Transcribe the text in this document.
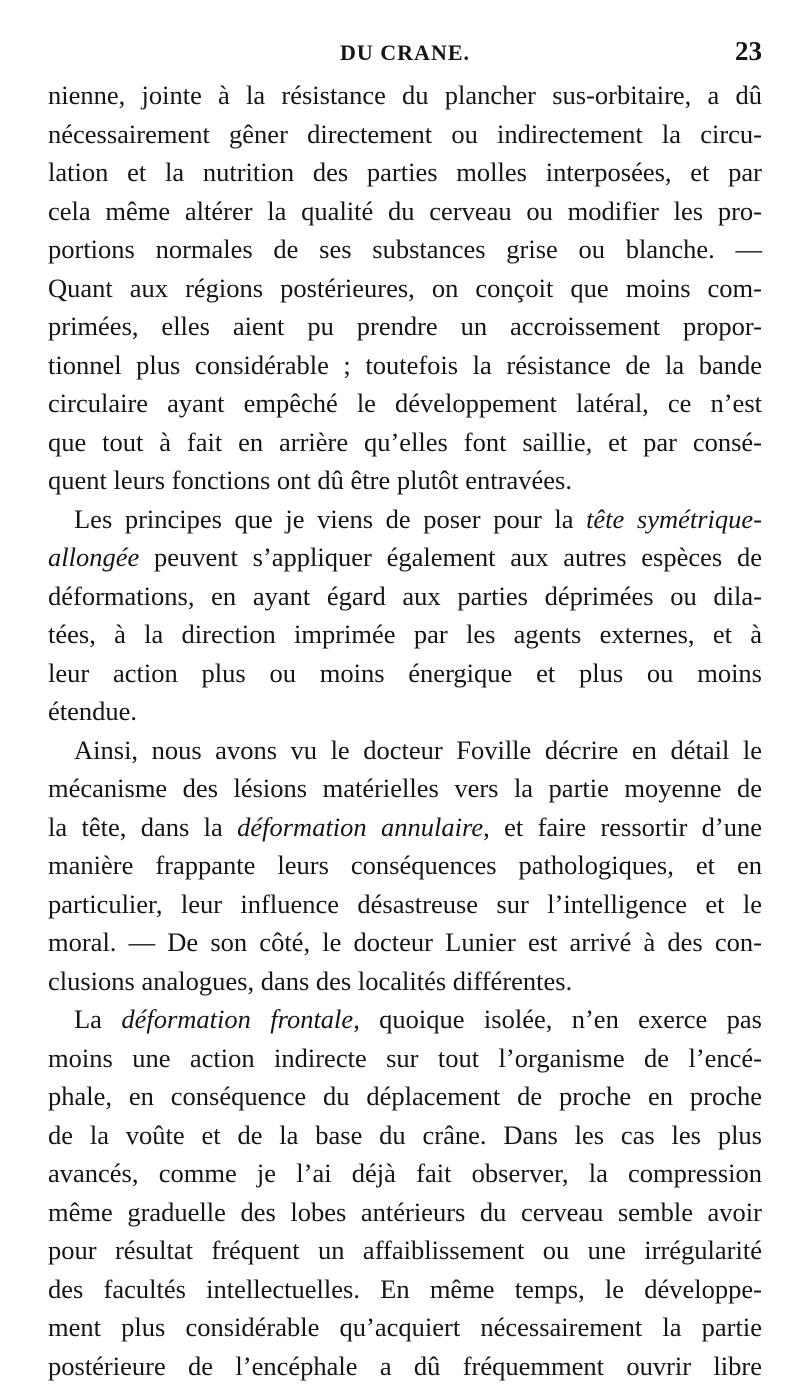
DU CRANE.	23
nienne, jointe à la résistance du plancher sus-orbitaire, a dû
nécessairement gêner directement ou indirectement la circu-
lation et la nutrition des parties molles interposées, et par
cela même altérer la qualité du cerveau ou modifier les pro-
portions normales de ses substances grise ou blanche. —
Quant aux régions postérieures, on conçoit que moins com-
primées, elles aient pu prendre un accroissement propor-
tionnel plus considérable ; toutefois la résistance de la bande
circulaire ayant empêché le développement latéral, ce n’est
que tout à fait en arrière qu’elles font saillie, et par consé-
quent leurs fonctions ont dû être plutôt entravées.
Les principes que je viens de poser pour la tête symétrique-
allongée peuvent s’appliquer également aux autres espèces de
déformations, en ayant égard aux parties déprimées ou dila-
tées, à la direction imprimée par les agents externes, et à
leur action plus ou moins énergique et plus ou moins
étendue.
Ainsi, nous avons vu le docteur Foville décrire en détail le
mécanisme des lésions matérielles vers la partie moyenne de
la tête, dans la déformation annulaire, et faire ressortir d’une
manière frappante leurs conséquences pathologiques, et en
particulier, leur influence désastreuse sur l’intelligence et le
moral. — De son côté, le docteur Lunier est arrivé à des con-
clusions analogues, dans des localités différentes.
La déformation frontale, quoique isolée, n’en exerce pas
moins une action indirecte sur tout l’organisme de l’encé-
phale, en conséquence du déplacement de proche en proche
de la voûte et de la base du crâne. Dans les cas les plus
avancés, comme je l’ai déjà fait observer, la compression
même graduelle des lobes antérieurs du cerveau semble avoir
pour résultat fréquent un affaiblissement ou une irrégularité
des facultés intellectuelles. En même temps, le développe-
ment plus considérable qu’acquiert nécessairement la partie
postérieure de l’encéphale a dû fréquemment ouvrir libre
